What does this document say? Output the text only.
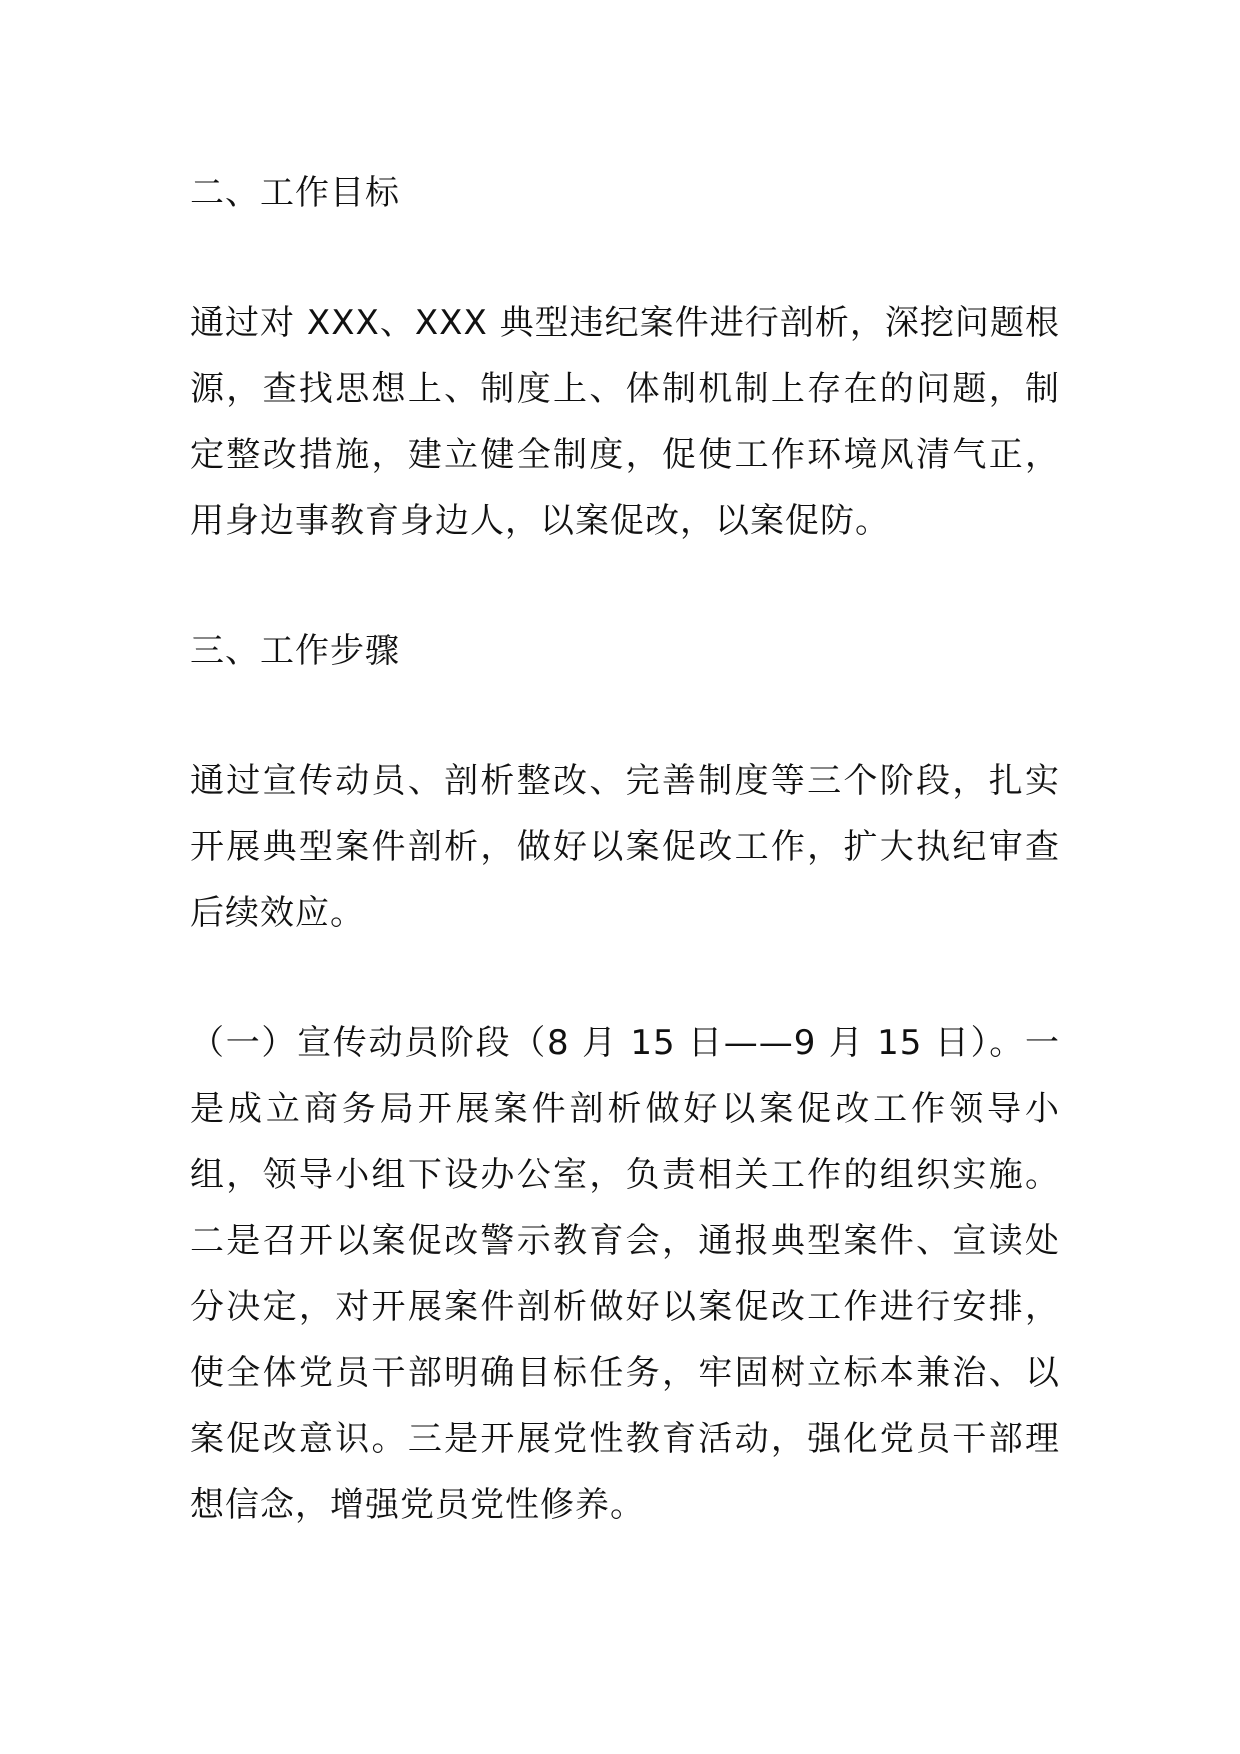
二、工作目标

通过对 XXX、XXX 典型违纪案件进行剖析，深挖问题根源，查找思想上、制度上、体制机制上存在的问题，制定整改措施，建立健全制度，促使工作环境风清气正，用身边事教育身边人，以案促改，以案促防。

三、工作步骤

通过宣传动员、剖析整改、完善制度等三个阶段，扎实开展典型案件剖析，做好以案促改工作，扩大执纪审查后续效应。

（一）宣传动员阶段（8 月 15 日——9 月 15 日）。一是成立商务局开展案件剖析做好以案促改工作领导小组，领导小组下设办公室，负责相关工作的组织实施。二是召开以案促改警示教育会，通报典型案件、宣读处分决定，对开展案件剖析做好以案促改工作进行安排，使全体党员干部明确目标任务，牢固树立标本兼治、以案促改意识。三是开展党性教育活动，强化党员干部理想信念，增强党员党性修养。
